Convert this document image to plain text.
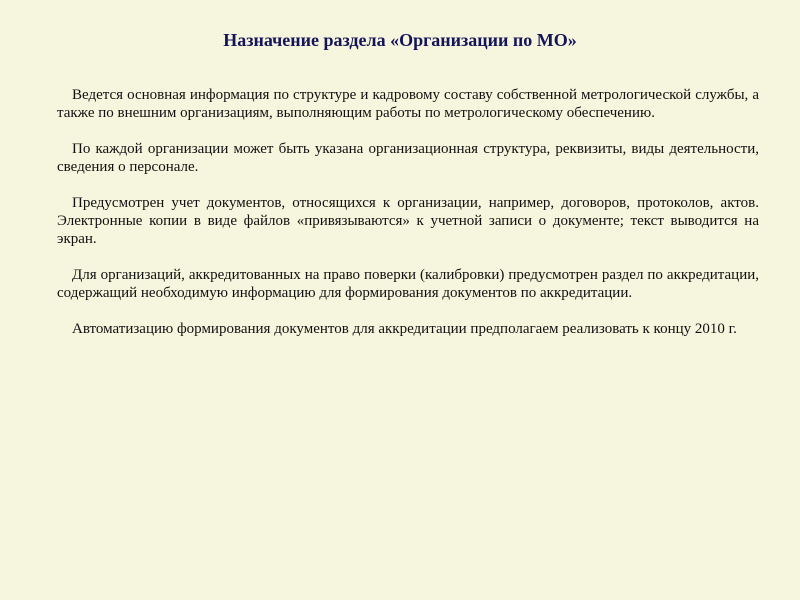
Назначение раздела «Организации по МО»

Ведется основная информация по структуре и кадровому составу собственной метрологической службы, а также по внешним организациям, выполняющим работы по метрологическому обеспечению.

По каждой организации может быть указана организационная структура, реквизиты, виды деятельности, сведения о персонале.

Предусмотрен учет документов, относящихся к организации, например, договоров, протоколов, актов. Электронные копии в виде файлов «привязываются» к учетной записи о документе; текст выводится на экран.

Для организаций, аккредитованных на право поверки (калибровки) предусмотрен раздел по аккредитации, содержащий необходимую информацию для формирования документов по аккредитации.

Автоматизацию формирования документов для аккредитации предполагаем реализовать к концу 2010 г.
